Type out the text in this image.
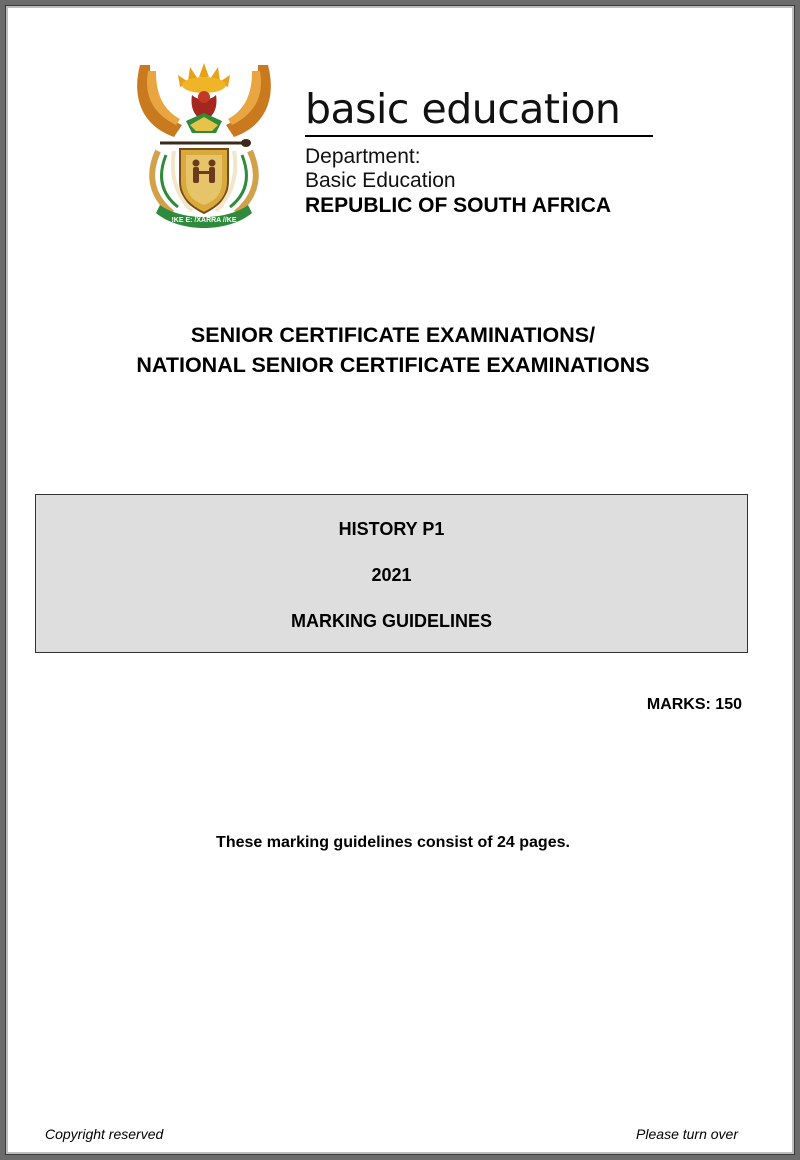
!KE E: /XARRA //KE
basic education
Department:
Basic Education
REPUBLIC OF SOUTH AFRICA
SENIOR CERTIFICATE EXAMINATIONS/
NATIONAL SENIOR CERTIFICATE EXAMINATIONS
HISTORY P1
2021
MARKING GUIDELINES
MARKS: 150
These marking guidelines consist of 24 pages.
Copyright reserved	Please turn over
